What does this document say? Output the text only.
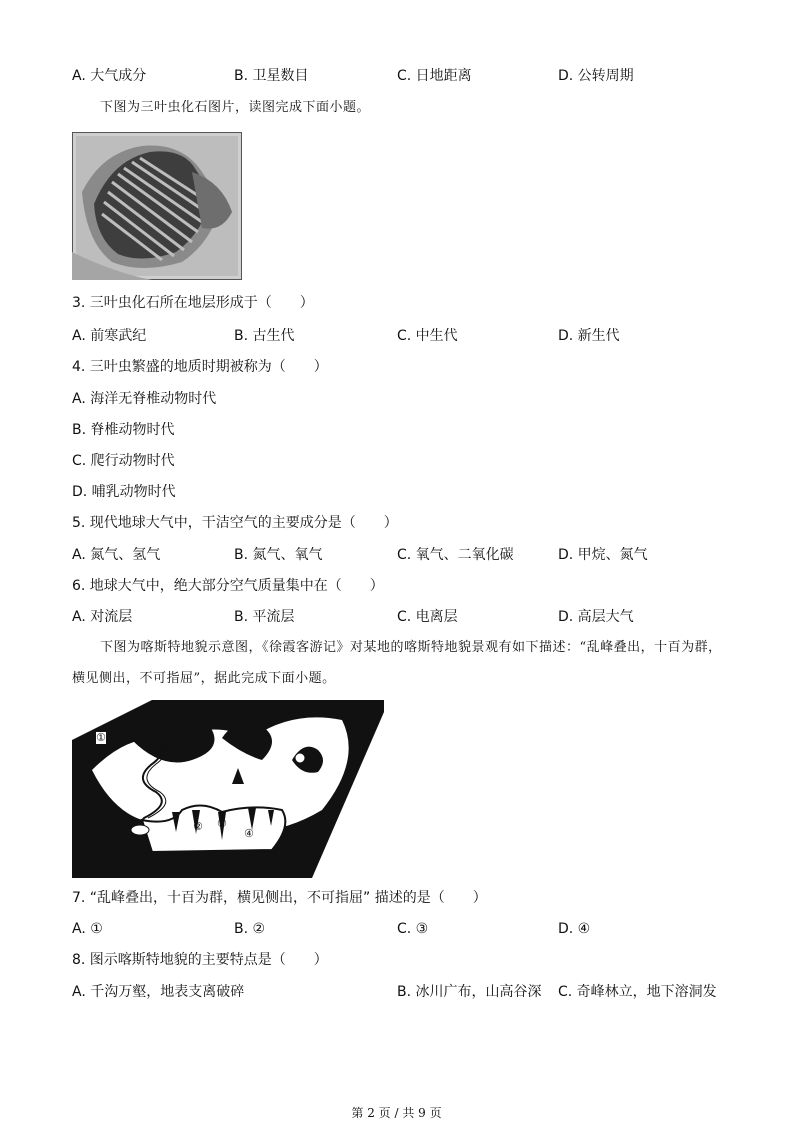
A. 大气成分	B. 卫星数目	C. 日地距离	D. 公转周期
下图为三叶虫化石图片，读图完成下面小题。
3. 三叶虫化石所在地层形成于（　　）
A. 前寒武纪	B. 古生代	C. 中生代	D. 新生代
4. 三叶虫繁盛的地质时期被称为（　　）
A. 海洋无脊椎动物时代
B. 脊椎动物时代
C. 爬行动物时代
D. 哺乳动物时代
5. 现代地球大气中，干洁空气的主要成分是（　　）
A. 氮气、氢气	B. 氮气、氧气	C. 氧气、二氧化碳	D. 甲烷、氮气
6. 地球大气中，绝大部分空气质量集中在（　　）
A. 对流层	B. 平流层	C. 电离层	D. 高层大气
下图为喀斯特地貌示意图，《徐霞客游记》对某地的喀斯特地貌景观有如下描述：“乱峰叠出，十百为群，横见侧出，不可指屈”，据此完成下面小题。
①
② ③
④
7. “乱峰叠出，十百为群，横见侧出，不可指屈” 描述的是（　　）
A. ①	B. ②	C. ③	D. ④
8. 图示喀斯特地貌的主要特点是（　　）
A. 千沟万壑，地表支离破碎	B. 冰川广布，山高谷深 C. 奇峰林立，地下溶洞发
第 2 页 / 共 9 页
